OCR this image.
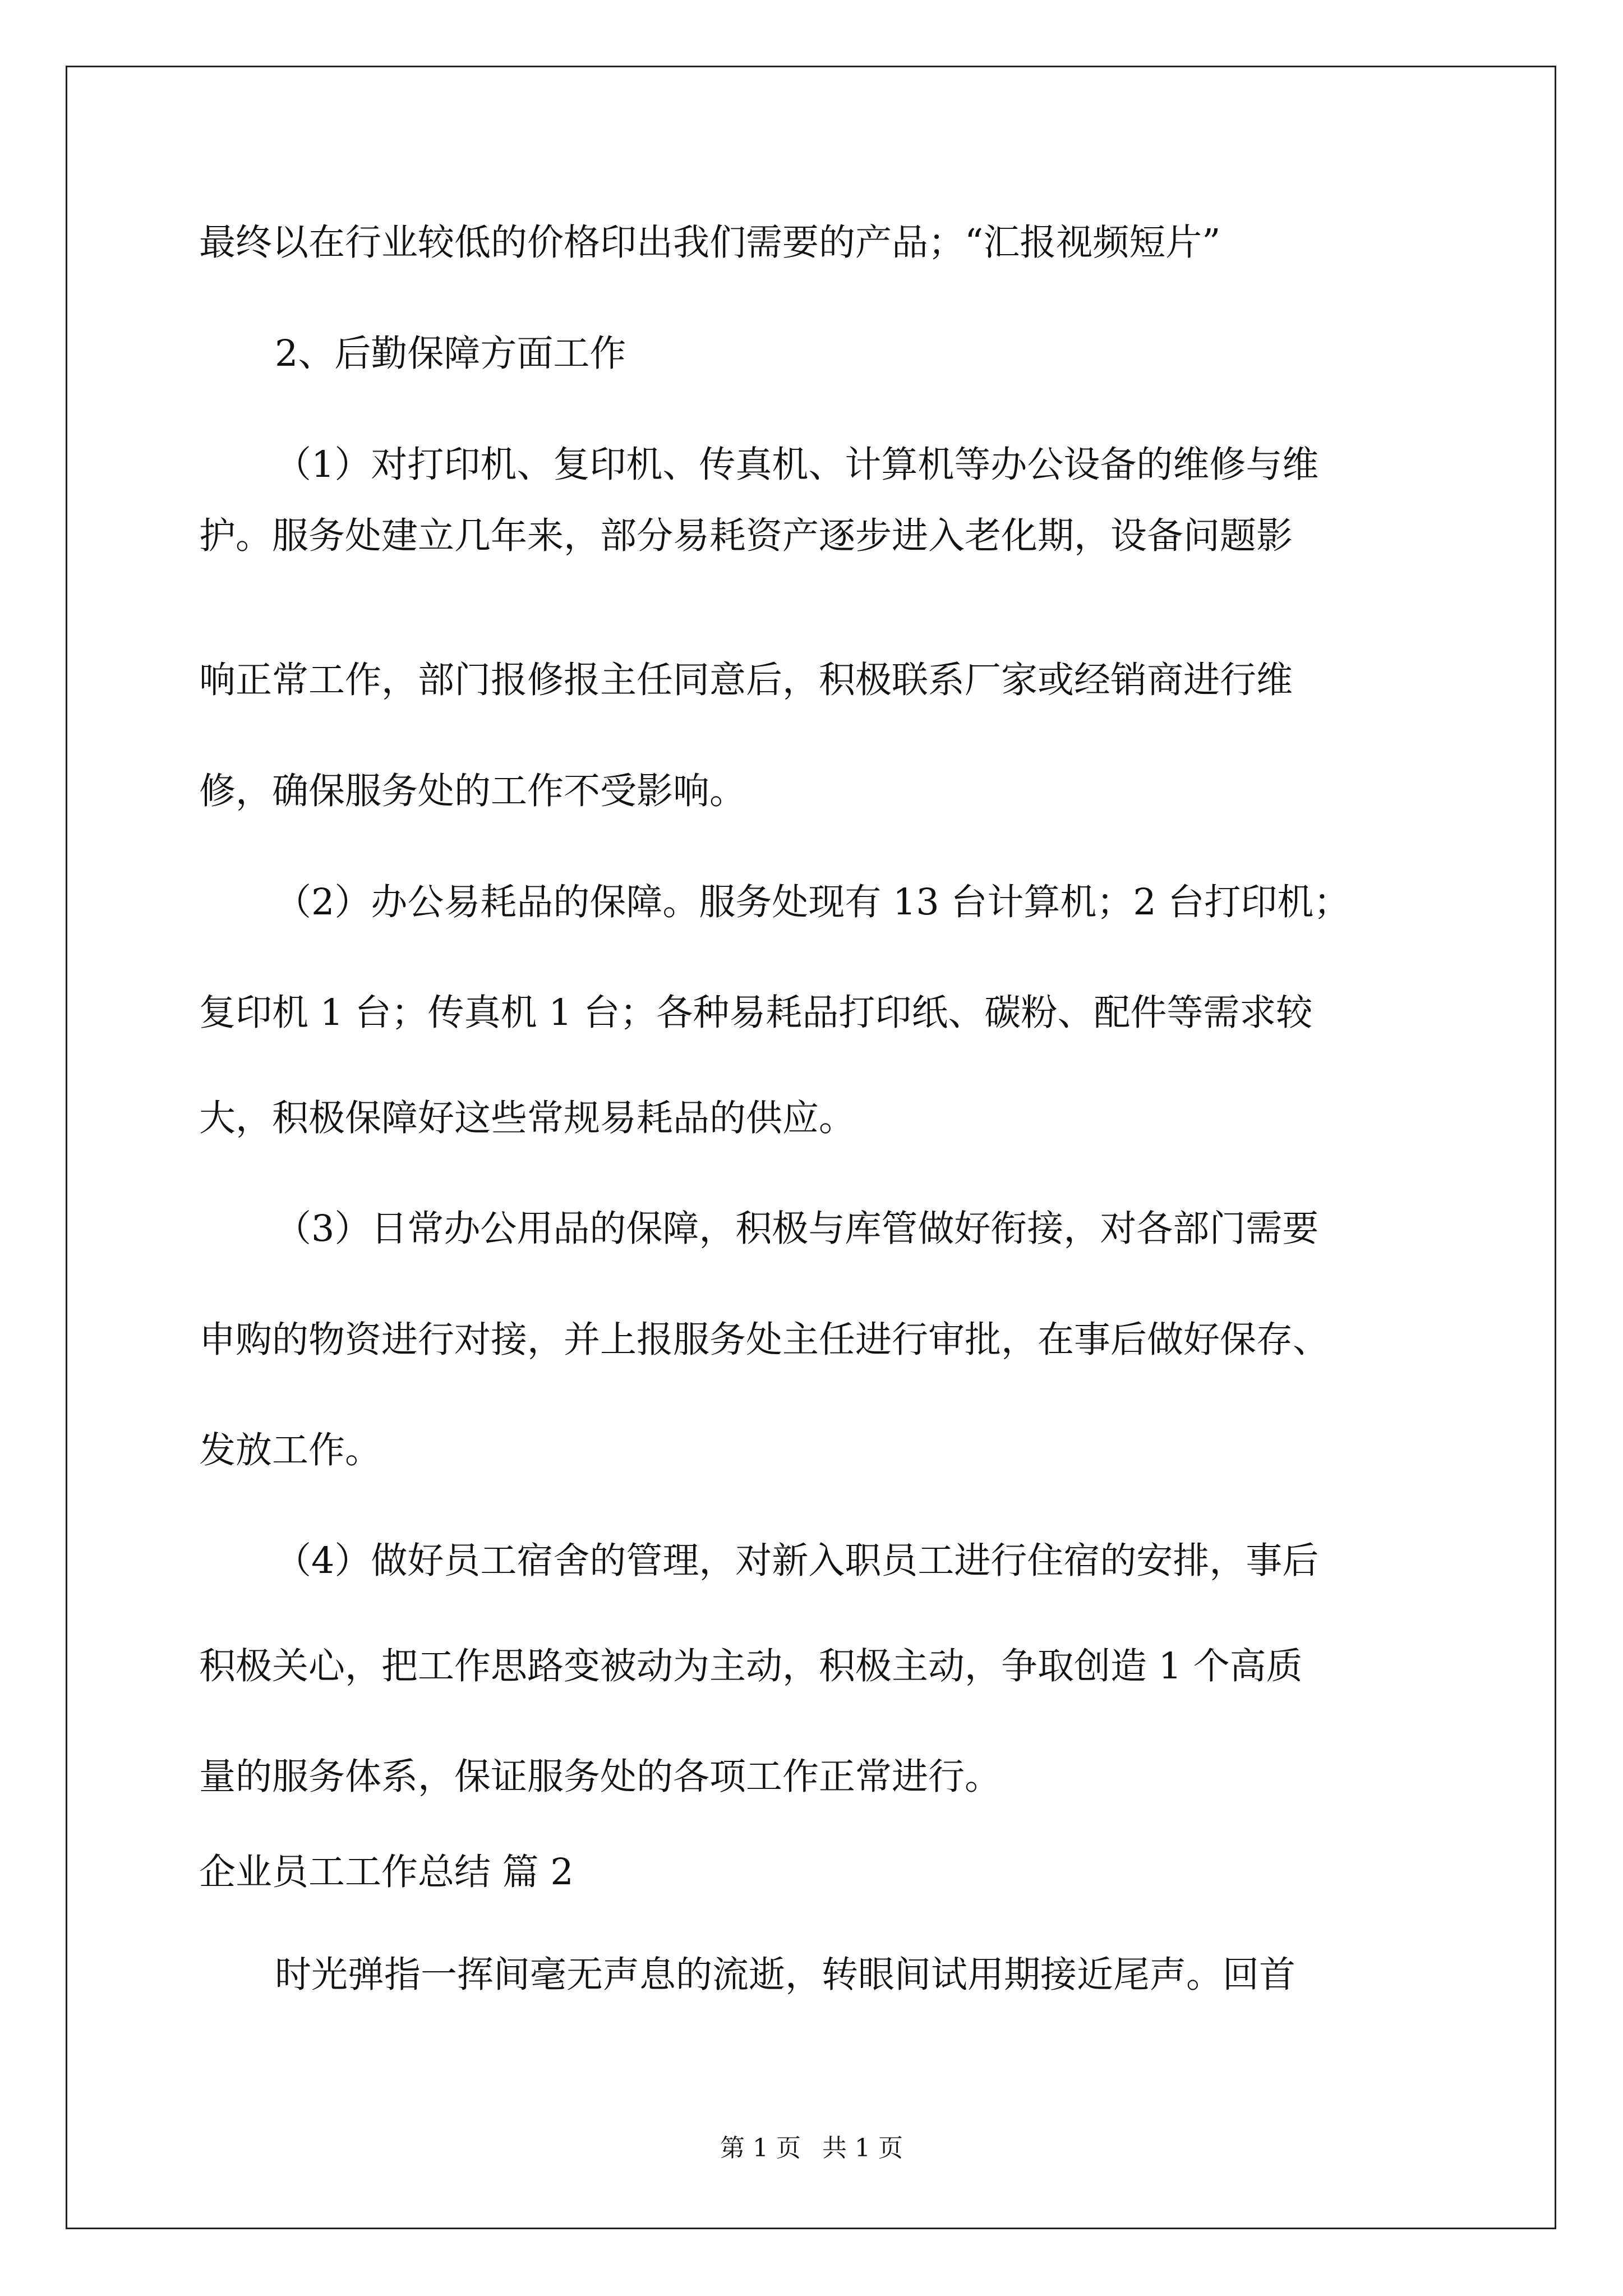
最终以在行业较低的价格印出我们需要的产品；“汇报视频短片”

2、后勤保障方面工作

（1）对打印机、复印机、传真机、计算机等办公设备的维修与维

护。服务处建立几年来，部分易耗资产逐步进入老化期，设备问题影

响正常工作，部门报修报主任同意后，积极联系厂家或经销商进行维

修，确保服务处的工作不受影响。

（2）办公易耗品的保障。服务处现有 13 台计算机；2 台打印机；

复印机 1 台；传真机 1 台；各种易耗品打印纸、碳粉、配件等需求较

大，积极保障好这些常规易耗品的供应。

（3）日常办公用品的保障，积极与库管做好衔接，对各部门需要

申购的物资进行对接，并上报服务处主任进行审批，在事后做好保存、

发放工作。

（4）做好员工宿舍的管理，对新入职员工进行住宿的安排，事后

积极关心，把工作思路变被动为主动，积极主动，争取创造 1 个高质

量的服务体系，保证服务处的各项工作正常进行。

企业员工工作总结 篇 2

时光弹指一挥间毫无声息的流逝，转眼间试用期接近尾声。回首

第 1 页 共 1 页
